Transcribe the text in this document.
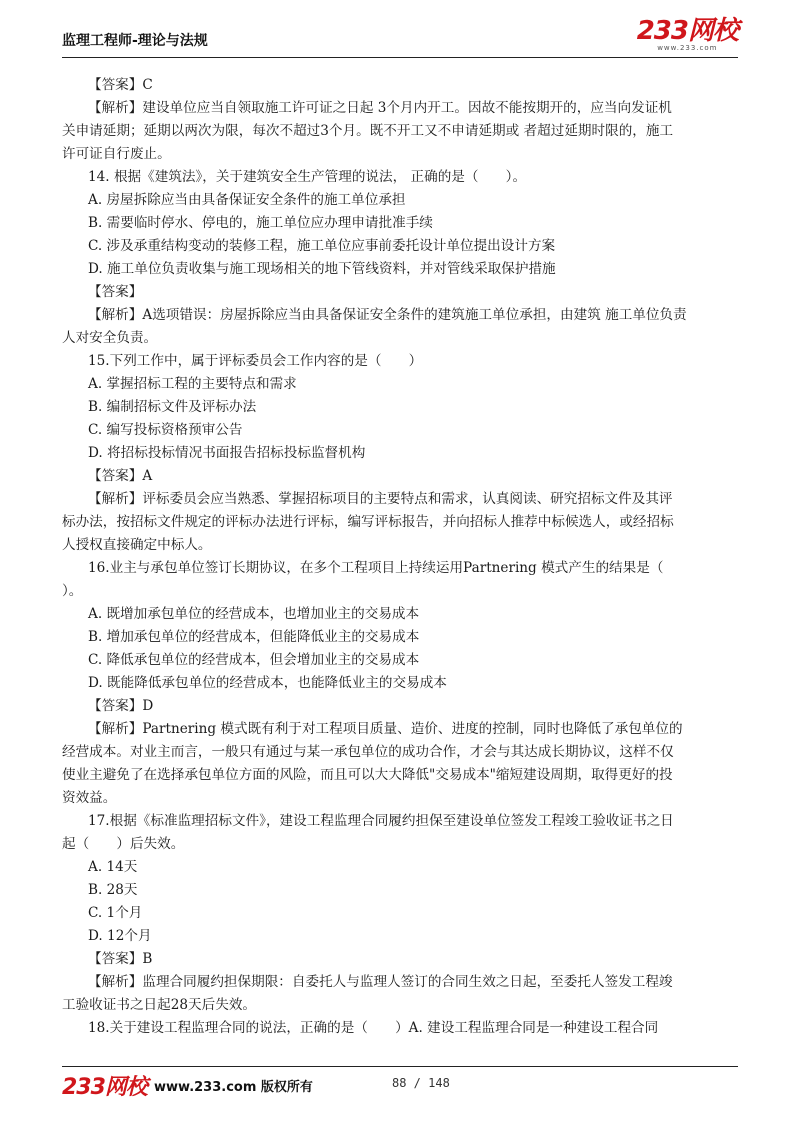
监理工程师-理论与法规	233网校
www.233.com
【答案】C
【解析】建设单位应当自领取施工许可证之日起 3个月内开工。因故不能按期开的，应当向发证机
关申请延期；延期以两次为限，每次不超过3个月。既不开工又不申请延期或 者超过延期时限的，施工
许可证自行废止。
14. 根据《建筑法》，关于建筑安全生产管理的说法， 正确的是（　　）。
A. 房屋拆除应当由具备保证安全条件的施工单位承担
B. 需要临时停水、停电的，施工单位应办理申请批准手续
C. 涉及承重结构变动的装修工程，施工单位应事前委托设计单位提出设计方案
D. 施工单位负责收集与施工现场相关的地下管线资料，并对管线采取保护措施
【答案】
【解析】A选项错误：房屋拆除应当由具备保证安全条件的建筑施工单位承担，由建筑 施工单位负责
人对安全负责。
15.下列工作中，属于评标委员会工作内容的是（　　）
A. 掌握招标工程的主要特点和需求
B. 编制招标文件及评标办法
C. 编写投标资格预审公告
D. 将招标投标情况书面报告招标投标监督机构
【答案】A
【解析】评标委员会应当熟悉、掌握招标项目的主要特点和需求，认真阅读、研究招标文件及其评
标办法，按招标文件规定的评标办法进行评标，编写评标报告，并向招标人推荐中标候选人，或经招标
人授权直接确定中标人。
16.业主与承包单位签订长期协议，在多个工程项目上持续运用Partnering 模式产生的结果是（
）。
A. 既增加承包单位的经营成本，也增加业主的交易成本
B. 增加承包单位的经营成本，但能降低业主的交易成本
C. 降低承包单位的经营成本，但会增加业主的交易成本
D. 既能降低承包单位的经营成本，也能降低业主的交易成本
【答案】D
【解析】Partnering 模式既有利于对工程项目质量、造价、进度的控制，同时也降低了承包单位的
经营成本。对业主而言，一般只有通过与某一承包单位的成功合作，才会与其达成长期协议，这样不仅
使业主避免了在选择承包单位方面的风险，而且可以大大降低"交易成本"缩短建设周期，取得更好的投
资效益。
17.根据《标准监理招标文件》，建设工程监理合同履约担保至建设单位签发工程竣工验收证书之日
起（　　）后失效。
A. 14天
B. 28天
C. 1个月
D. 12个月
【答案】B
【解析】监理合同履约担保期限：自委托人与监理人签订的合同生效之日起，至委托人签发工程竣
工验收证书之日起28天后失效。
18.关于建设工程监理合同的说法，正确的是（　　）A. 建设工程监理合同是一种建设工程合同
233网校 www.233.com 版权所有	88 / 148
